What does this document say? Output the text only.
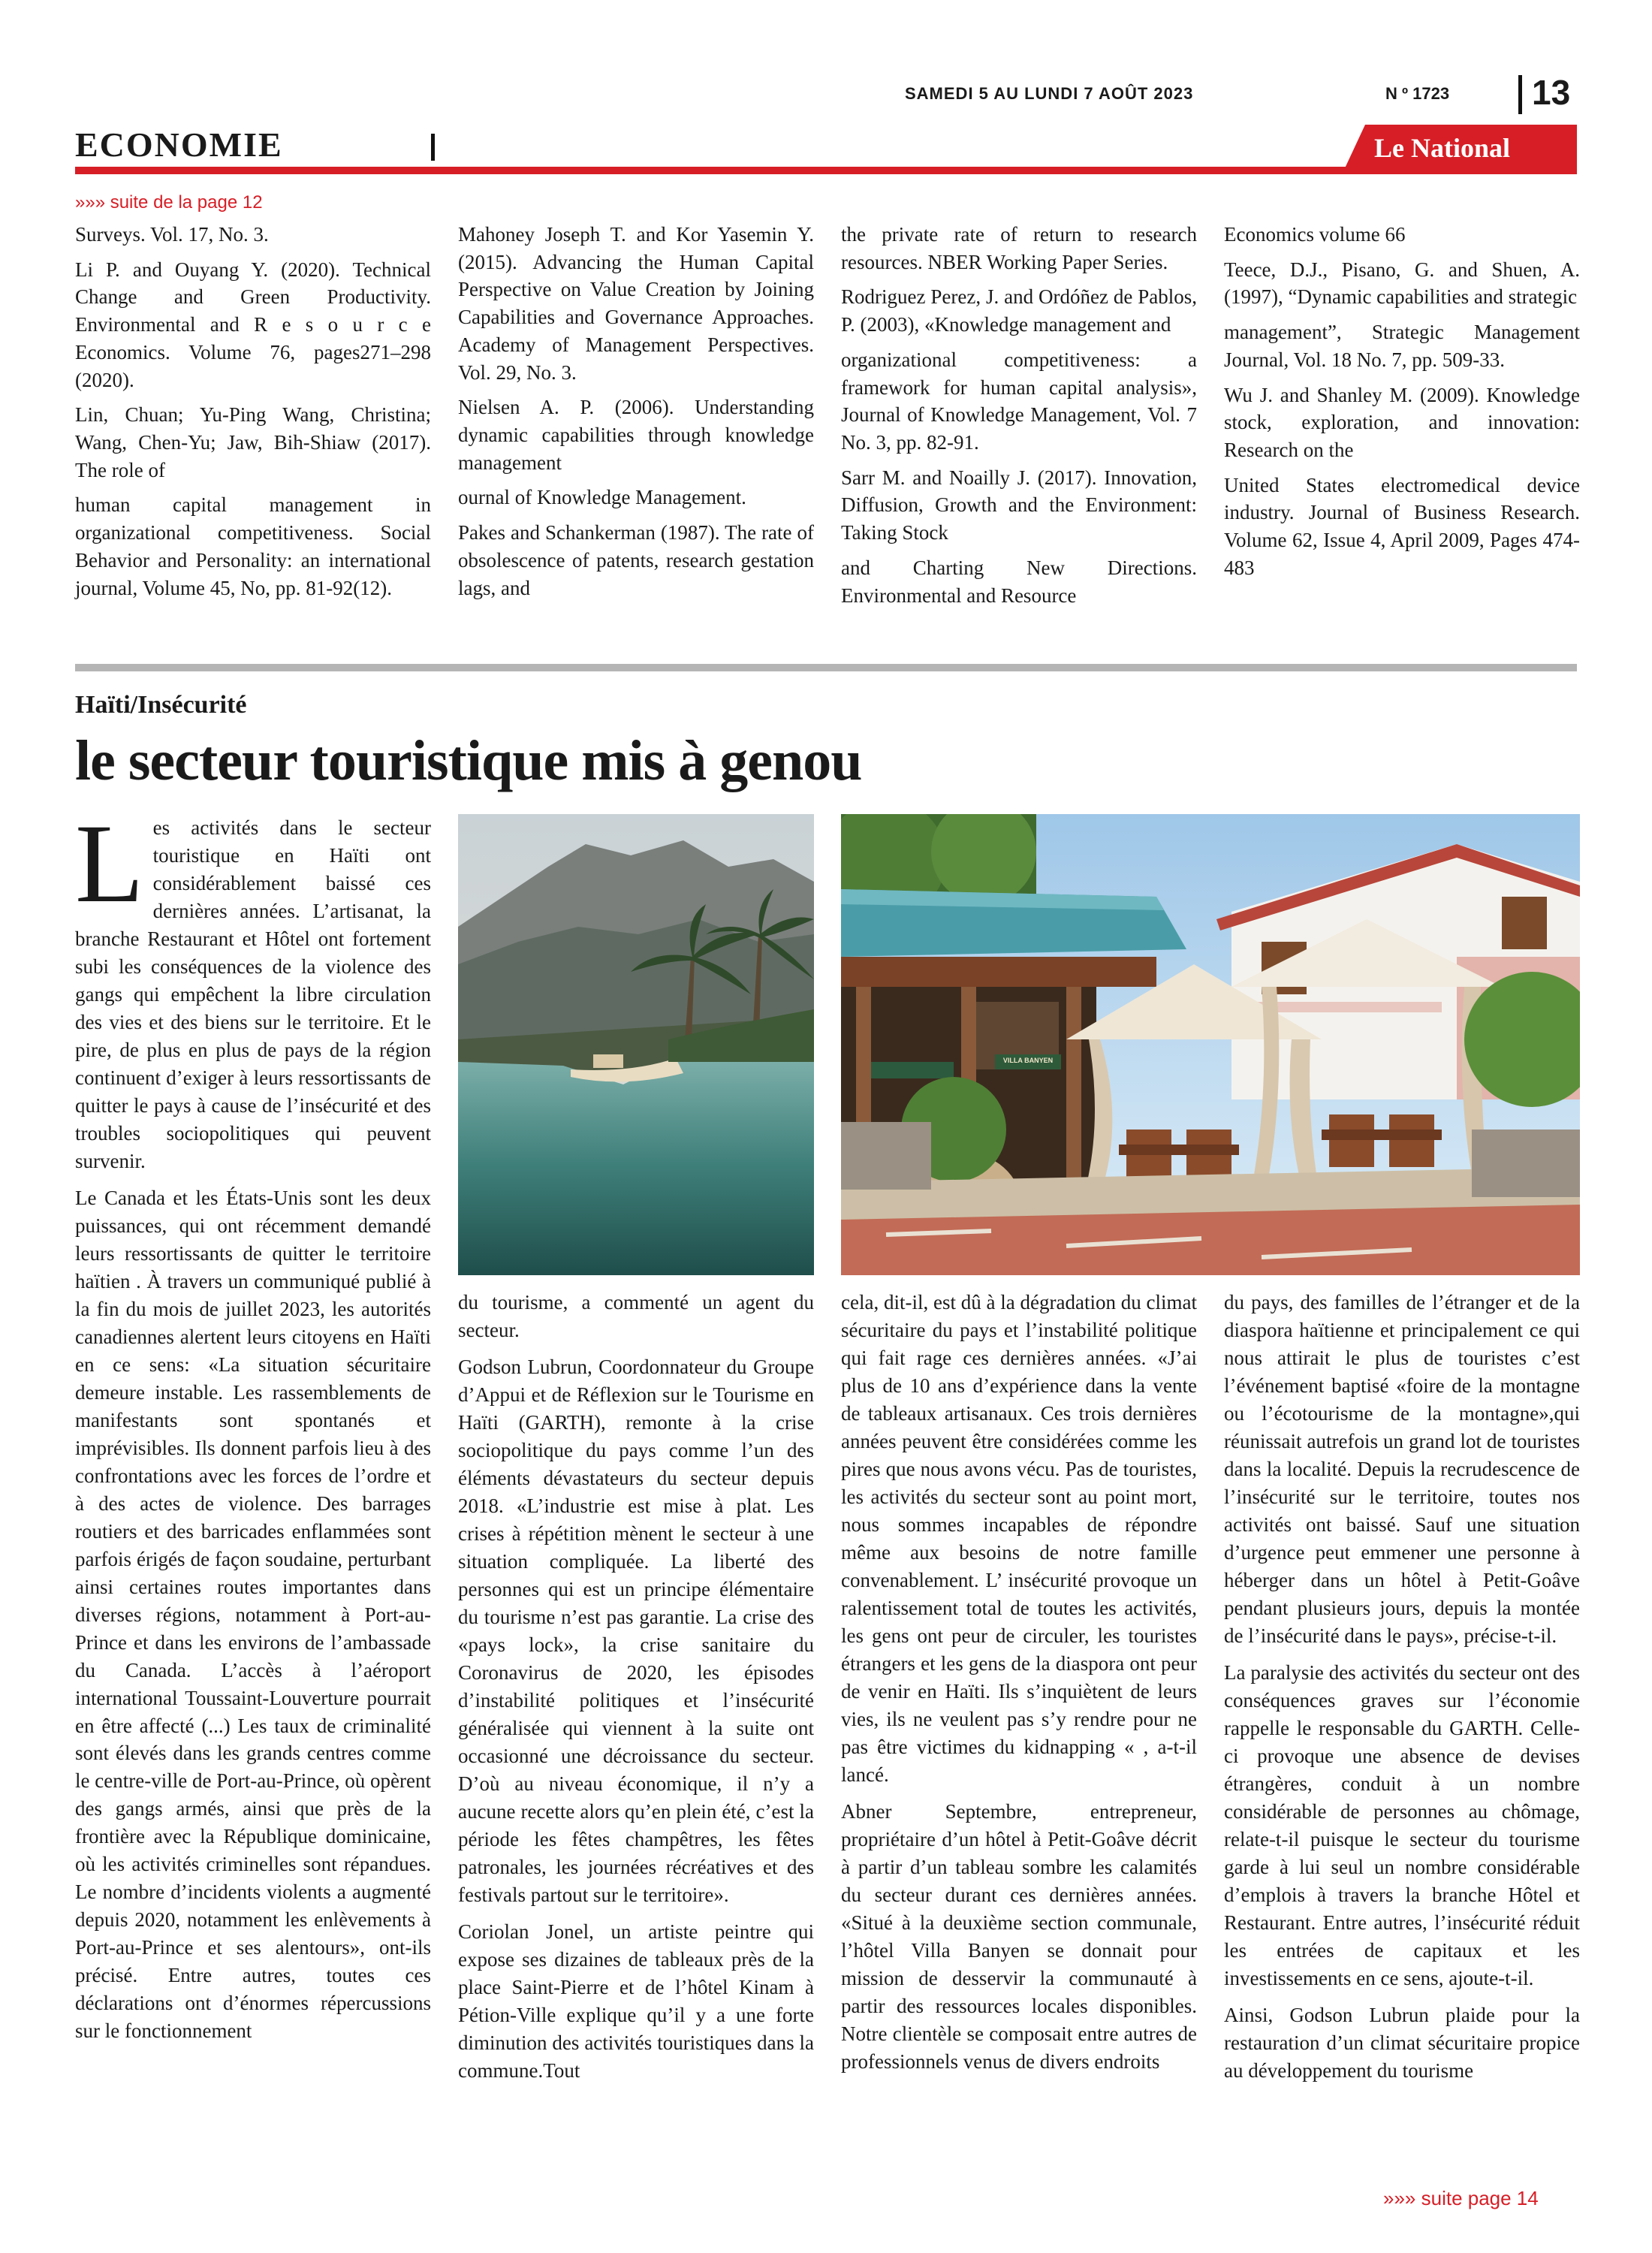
SAMEDI 5 AU LUNDI 7 AOÛT 2023	N º 1723 13
ECONOMIE	Le National
»»» suite de la page 12

Surveys. Vol. 17, No. 3.

Li P. and Ouyang Y. (2020). Technical Change and Green Productivity. Environmental and R e s o u r c e Economics. Volume 76, pages271–298 (2020).

Lin, Chuan; Yu-Ping Wang, Christina; Wang, Chen-Yu; Jaw, Bih-Shiaw (2017). The role of

human capital management in organizational competitiveness. Social Behavior and Personality: an international journal, Volume 45, No, pp. 81-92(12).

Mahoney Joseph T. and Kor Yasemin Y. (2015). Advancing the Human Capital Perspective on Value Creation by Joining Capabilities and Governance Approaches. Academy of Management Perspectives. Vol. 29, No. 3.

Nielsen A. P. (2006). Understanding dynamic capabilities through knowledge management

ournal of Knowledge Management.

Pakes and Schankerman (1987). The rate of obsolescence of patents, research gestation lags, and

the private rate of return to research resources. NBER Working Paper Series.

Rodriguez Perez, J. and Ordóñez de Pablos, P. (2003), «Knowledge management and

organizational competitiveness: a framework for human capital analysis», Journal of Knowledge Management, Vol. 7 No. 3, pp. 82-91.

Sarr M. and Noailly J. (2017). Innovation, Diffusion, Growth and the Environment: Taking Stock

and Charting New Directions. Environmental and Resource

Economics volume 66

Teece, D.J., Pisano, G. and Shuen, A. (1997), “Dynamic capabilities and strategic

management”, Strategic Management Journal, Vol. 18 No. 7, pp. 509-33.

Wu J. and Shanley M. (2009). Knowledge stock, exploration, and innovation: Research on the

United States electromedical device industry. Journal of Business Research. Volume 62, Issue 4, April 2009, Pages 474-483

Haïti/Insécurité
le secteur touristique mis à genou

Les activités dans le secteur touristique en Haïti ont considérablement baissé ces dernières années. L’artisanat, la branche Restaurant et Hôtel ont fortement subi les conséquences de la violence des gangs qui empêchent la libre circulation des vies et des biens sur le territoire. Et le pire, de plus en plus de pays de la région continuent d’exiger à leurs ressortissants de quitter le pays à cause de l’insécurité et des troubles sociopolitiques qui peuvent survenir.

Le Canada et les États-Unis sont les deux puissances, qui ont récemment demandé leurs ressortissants de quitter le territoire haïtien . À travers un communiqué publié à la fin du mois de juillet 2023, les autorités canadiennes alertent leurs citoyens en Haïti en ce sens: «La situation sécuritaire demeure instable. Les rassemblements de manifestants sont spontanés et imprévisibles. Ils donnent parfois lieu à des confrontations avec les forces de l’ordre et à des actes de violence. Des barrages routiers et des barricades enflammées sont parfois érigés de façon soudaine, perturbant ainsi certaines routes importantes dans diverses régions, notamment à Port-au-Prince et dans les environs de l’ambassade du Canada. L’accès à l’aéroport international Toussaint-Louverture pourrait en être affecté (...) Les taux de criminalité sont élevés dans les grands centres comme le centre-ville de Port-au-Prince, où opèrent des gangs armés, ainsi que près de la frontière avec la République dominicaine, où les activités criminelles sont répandues. Le nombre d’incidents violents a augmenté depuis 2020, notamment les enlèvements à Port-au-Prince et ses alentours», ont-ils précisé. Entre autres, toutes ces déclarations ont d’énormes répercussions sur le fonctionnement

VILLA BANYEN

du tourisme, a commenté un agent du secteur.

Godson Lubrun, Coordonnateur du Groupe d’Appui et de Réflexion sur le Tourisme en Haïti (GARTH), remonte à la crise sociopolitique du pays comme l’un des éléments dévastateurs du secteur depuis 2018. «L’industrie est mise à plat. Les crises à répétition mènent le secteur à une situation compliquée. La liberté des personnes qui est un principe élémentaire du tourisme n’est pas garantie. La crise des «pays lock», la crise sanitaire du Coronavirus de 2020, les épisodes d’instabilité politiques et l’insécurité généralisée qui viennent à la suite ont occasionné une décroissance du secteur. D’où au niveau économique, il n’y a aucune recette alors qu’en plein été, c’est la période les fêtes champêtres, les fêtes patronales, les journées récréatives et des festivals partout sur le territoire».

Coriolan Jonel, un artiste peintre qui expose ses dizaines de tableaux près de la place Saint-Pierre et de l’hôtel Kinam à Pétion-Ville explique qu’il y a une forte diminution des activités touristiques dans la commune.Tout

cela, dit-il, est dû à la dégradation du climat sécuritaire du pays et l’instabilité politique qui fait rage ces dernières années. «J’ai plus de 10 ans d’expérience dans la vente de tableaux artisanaux. Ces trois dernières années peuvent être considérées comme les pires que nous avons vécu. Pas de touristes, les activités du secteur sont au point mort, nous sommes incapables de répondre même aux besoins de notre famille convenablement. L’ insécurité provoque un ralentissement total de toutes les activités, les gens ont peur de circuler, les touristes étrangers et les gens de la diaspora ont peur de venir en Haïti. Ils s’inquiètent de leurs vies, ils ne veulent pas s’y rendre pour ne pas être victimes du kidnapping « , a-t-il lancé.

Abner Septembre, entrepreneur, propriétaire d’un hôtel à Petit-Goâve décrit à partir d’un tableau sombre les calamités du secteur durant ces dernières années. «Situé à la deuxième section communale, l’hôtel Villa Banyen se donnait pour mission de desservir la communauté à partir des ressources locales disponibles. Notre clientèle se composait entre autres de professionnels venus de divers endroits

du pays, des familles de l’étranger et de la diaspora haïtienne et principalement ce qui nous attirait le plus de touristes c’est l’événement baptisé «foire de la montagne ou l’écotourisme de la montagne»,qui réunissait autrefois un grand lot de touristes dans la localité. Depuis la recrudescence de l’insécurité sur le territoire, toutes nos activités ont baissé. Sauf une situation d’urgence peut emmener une personne à héberger dans un hôtel à Petit-Goâve pendant plusieurs jours, depuis la montée de l’insécurité dans le pays», précise-t-il.

La paralysie des activités du secteur ont des conséquences graves sur l’économie rappelle le responsable du GARTH. Celle-ci provoque une absence de devises étrangères, conduit à un nombre considérable de personnes au chômage, relate-t-il puisque le secteur du tourisme garde à lui seul un nombre considérable d’emplois à travers la branche Hôtel et Restaurant. Entre autres, l’insécurité réduit les entrées de capitaux et les investissements en ce sens, ajoute-t-il.

Ainsi, Godson Lubrun plaide pour la restauration d’un climat sécuritaire propice au développement du tourisme

»»» suite page 14
